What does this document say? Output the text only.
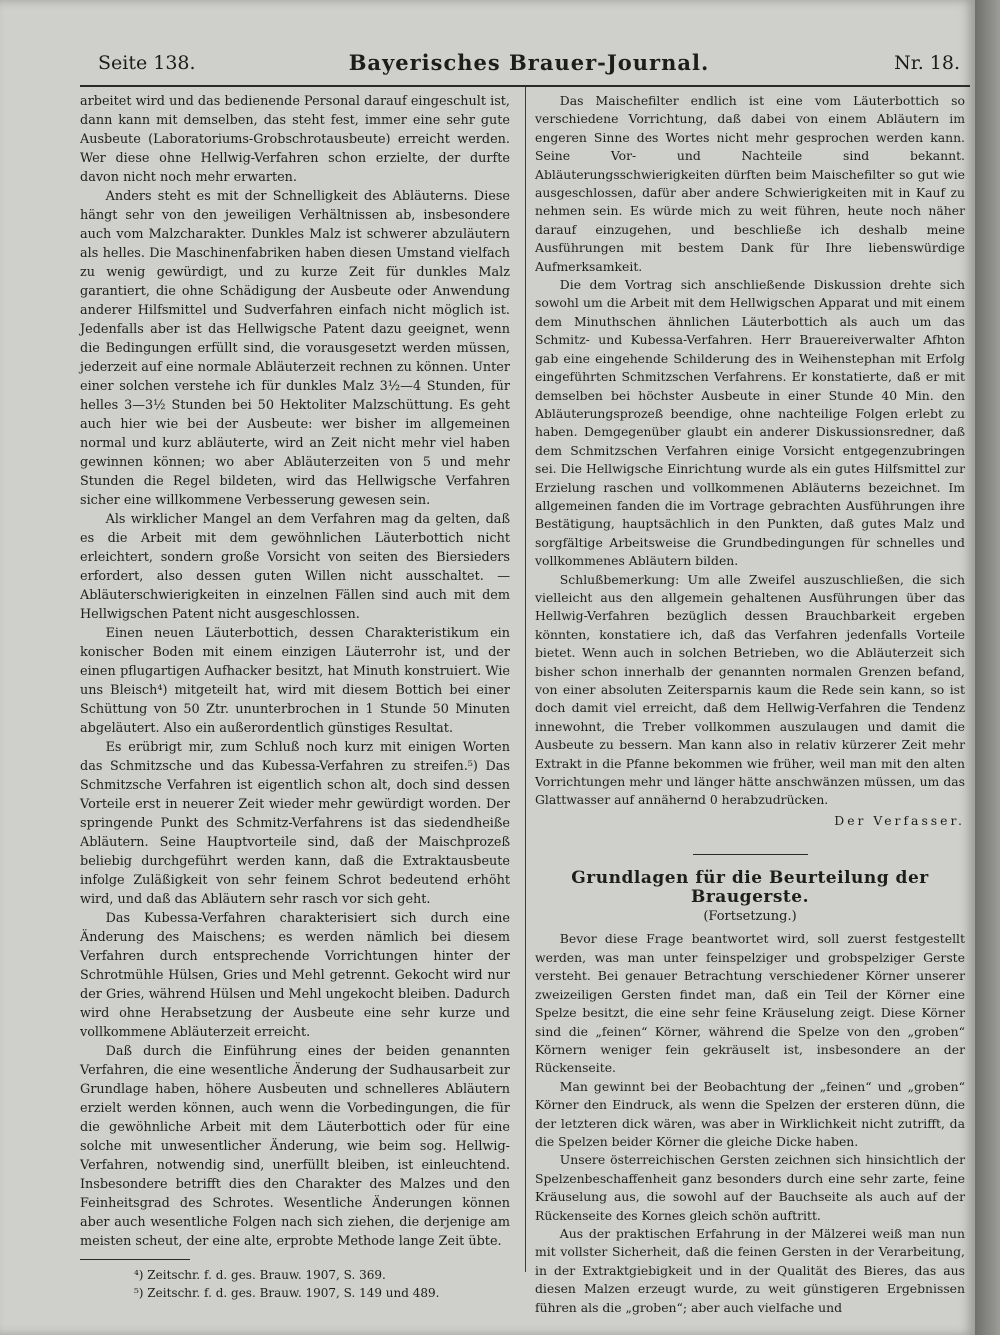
Seite 138.	Bayerisches Brauer-Journal.	Nr. 18.

arbeitet wird und das bedienende Personal darauf eingeschult ist, dann kann mit demselben, das steht fest, immer eine sehr gute Ausbeute (Laboratoriums-Grobschrotausbeute) erreicht werden. Wer diese ohne Hellwig-Verfahren schon erzielte, der durfte davon nicht noch mehr erwarten.

Anders steht es mit der Schnelligkeit des Abläuterns. Diese hängt sehr von den jeweiligen Verhältnissen ab, insbesondere auch vom Malzcharakter. Dunkles Malz ist schwerer abzuläutern als helles. Die Maschinenfabriken haben diesen Umstand vielfach zu wenig gewürdigt, und zu kurze Zeit für dunkles Malz garantiert, die ohne Schädigung der Ausbeute oder Anwendung anderer Hilfsmittel und Sudverfahren einfach nicht möglich ist. Jedenfalls aber ist das Hellwigsche Patent dazu geeignet, wenn die Bedingungen erfüllt sind, die vorausgesetzt werden müssen, jederzeit auf eine normale Abläuterzeit rechnen zu können. Unter einer solchen verstehe ich für dunkles Malz 3½—4 Stunden, für helles 3—3½ Stunden bei 50 Hektoliter Malzschüttung. Es geht auch hier wie bei der Ausbeute: wer bisher im allgemeinen normal und kurz abläuterte, wird an Zeit nicht mehr viel haben gewinnen können; wo aber Abläuterzeiten von 5 und mehr Stunden die Regel bildeten, wird das Hellwigsche Verfahren sicher eine willkommene Verbesserung gewesen sein.

Als wirklicher Mangel an dem Verfahren mag da gelten, daß es die Arbeit mit dem gewöhnlichen Läuterbottich nicht erleichtert, sondern große Vorsicht von seiten des Biersieders erfordert, also dessen guten Willen nicht ausschaltet. — Abläuterschwierigkeiten in einzelnen Fällen sind auch mit dem Hellwigschen Patent nicht ausgeschlossen.

Einen neuen Läuterbottich, dessen Charakteristikum ein konischer Boden mit einem einzigen Läuterrohr ist, und der einen pflugartigen Aufhacker besitzt, hat Minuth konstruiert. Wie uns Bleisch⁴) mitgeteilt hat, wird mit diesem Bottich bei einer Schüttung von 50 Ztr. ununterbrochen in 1 Stunde 50 Minuten abgeläutert. Also ein außerordentlich günstiges Resultat.

Es erübrigt mir, zum Schluß noch kurz mit einigen Worten das Schmitzsche und das Kubessa-Verfahren zu streifen.⁵) Das Schmitzsche Verfahren ist eigentlich schon alt, doch sind dessen Vorteile erst in neuerer Zeit wieder mehr gewürdigt worden. Der springende Punkt des Schmitz-Verfahrens ist das siedendheiße Abläutern. Seine Hauptvorteile sind, daß der Maischprozeß beliebig durchgeführt werden kann, daß die Extraktausbeute infolge Zuläßigkeit von sehr feinem Schrot bedeutend erhöht wird, und daß das Abläutern sehr rasch vor sich geht.

Das Kubessa-Verfahren charakterisiert sich durch eine Änderung des Maischens; es werden nämlich bei diesem Verfahren durch entsprechende Vorrichtungen hinter der Schrotmühle Hülsen, Gries und Mehl getrennt. Gekocht wird nur der Gries, während Hülsen und Mehl ungekocht bleiben. Dadurch wird ohne Herabsetzung der Ausbeute eine sehr kurze und vollkommene Abläuterzeit erreicht.

Daß durch die Einführung eines der beiden genannten Verfahren, die eine wesentliche Änderung der Sudhausarbeit zur Grundlage haben, höhere Ausbeuten und schnelleres Abläutern erzielt werden können, auch wenn die Vorbedingungen, die für die gewöhnliche Arbeit mit dem Läuterbottich oder für eine solche mit unwesentlicher Änderung, wie beim sog. Hellwig-Verfahren, notwendig sind, unerfüllt bleiben, ist einleuchtend. Insbesondere betrifft dies den Charakter des Malzes und den Feinheitsgrad des Schrotes. Wesentliche Änderungen können aber auch wesentliche Folgen nach sich ziehen, die derjenige am meisten scheut, der eine alte, erprobte Methode lange Zeit übte.

⁴) Zeitschr. f. d. ges. Brauw. 1907, S. 369.

⁵) Zeitschr. f. d. ges. Brauw. 1907, S. 149 und 489.

Das Maischefilter endlich ist eine vom Läuterbottich so verschiedene Vorrichtung, daß dabei von einem Abläutern im engeren Sinne des Wortes nicht mehr gesprochen werden kann. Seine Vor- und Nachteile sind bekannt. Abläuterungsschwierigkeiten dürften beim Maischefilter so gut wie ausgeschlossen, dafür aber andere Schwierigkeiten mit in Kauf zu nehmen sein. Es würde mich zu weit führen, heute noch näher darauf einzugehen, und beschließe ich deshalb meine Ausführungen mit bestem Dank für Ihre liebenswürdige Aufmerksamkeit.

Die dem Vortrag sich anschließende Diskussion drehte sich sowohl um die Arbeit mit dem Hellwigschen Apparat und mit einem dem Minuthschen ähnlichen Läuterbottich als auch um das Schmitz- und Kubessa-Verfahren. Herr Brauereiverwalter Afhton gab eine eingehende Schilderung des in Weihenstephan mit Erfolg eingeführten Schmitzschen Verfahrens. Er konstatierte, daß er mit demselben bei höchster Ausbeute in einer Stunde 40 Min. den Abläuterungsprozeß beendige, ohne nachteilige Folgen erlebt zu haben. Demgegenüber glaubt ein anderer Diskussionsredner, daß dem Schmitzschen Verfahren einige Vorsicht entgegenzubringen sei. Die Hellwigsche Einrichtung wurde als ein gutes Hilfsmittel zur Erzielung raschen und vollkommenen Abläuterns bezeichnet. Im allgemeinen fanden die im Vortrage gebrachten Ausführungen ihre Bestätigung, hauptsächlich in den Punkten, daß gutes Malz und sorgfältige Arbeitsweise die Grundbedingungen für schnelles und vollkommenes Abläutern bilden.

Schlußbemerkung: Um alle Zweifel auszuschließen, die sich vielleicht aus den allgemein gehaltenen Ausführungen über das Hellwig-Verfahren bezüglich dessen Brauchbarkeit ergeben könnten, konstatiere ich, daß das Verfahren jedenfalls Vorteile bietet. Wenn auch in solchen Betrieben, wo die Abläuterzeit sich bisher schon innerhalb der genannten normalen Grenzen befand, von einer absoluten Zeitersparnis kaum die Rede sein kann, so ist doch damit viel erreicht, daß dem Hellwig-Verfahren die Tendenz innewohnt, die Treber vollkommen auszulaugen und damit die Ausbeute zu bessern. Man kann also in relativ kürzerer Zeit mehr Extrakt in die Pfanne bekommen wie früher, weil man mit den alten Vorrichtungen mehr und länger hätte anschwänzen müssen, um das Glattwasser auf annähernd 0 herabzudrücken.

Der Verfasser.
Grundlagen für die Beurteilung der Braugerste.
(Fortsetzung.)

Bevor diese Frage beantwortet wird, soll zuerst festgestellt werden, was man unter feinspelziger und grobspelziger Gerste versteht. Bei genauer Betrachtung verschiedener Körner unserer zweizeiligen Gersten findet man, daß ein Teil der Körner eine Spelze besitzt, die eine sehr feine Kräuselung zeigt. Diese Körner sind die „feinen“ Körner, während die Spelze von den „groben“ Körnern weniger fein gekräuselt ist, insbesondere an der Rückenseite.

Man gewinnt bei der Beobachtung der „feinen“ und „groben“ Körner den Eindruck, als wenn die Spelzen der ersteren dünn, die der letzteren dick wären, was aber in Wirklichkeit nicht zutrifft, da die Spelzen beider Körner die gleiche Dicke haben.

Unsere österreichischen Gersten zeichnen sich hinsichtlich der Spelzenbeschaffenheit ganz besonders durch eine sehr zarte, feine Kräuselung aus, die sowohl auf der Bauchseite als auch auf der Rückenseite des Kornes gleich schön auftritt.

Aus der praktischen Erfahrung in der Mälzerei weiß man nun mit vollster Sicherheit, daß die feinen Gersten in der Verarbeitung, in der Extraktgiebigkeit und in der Qualität des Bieres, das aus diesen Malzen erzeugt wurde, zu weit günstigeren Ergebnissen führen als die „groben“; aber auch vielfache und
